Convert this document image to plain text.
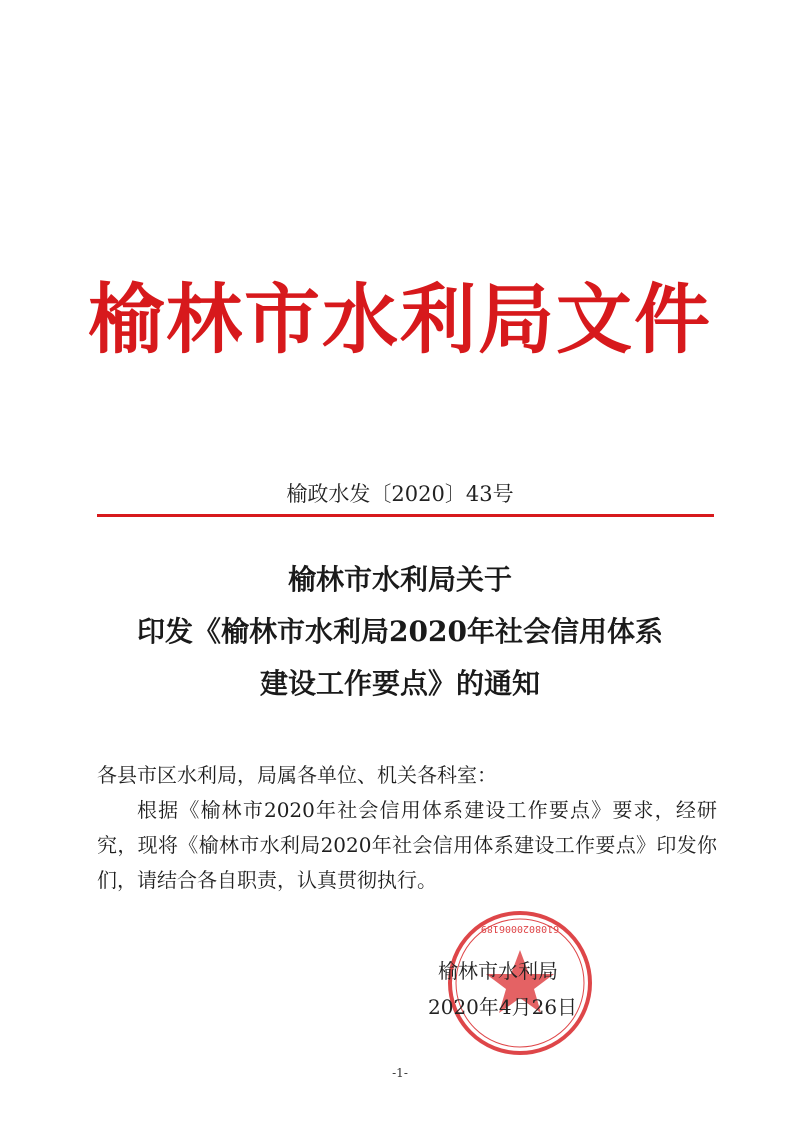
榆林市水利局文件
榆政水发〔2020〕43号
榆林市水利局关于
印发《榆林市水利局2020年社会信用体系
建设工作要点》的通知

各县市区水利局，局属各单位、机关各科室：

根据《榆林市2020年社会信用体系建设工作要点》要求，经研究，现将《榆林市水利局2020年社会信用体系建设工作要点》印发你们，请结合各自职责，认真贯彻执行。

6108020006189
榆林市水利局
2020年4月26日
-1-
